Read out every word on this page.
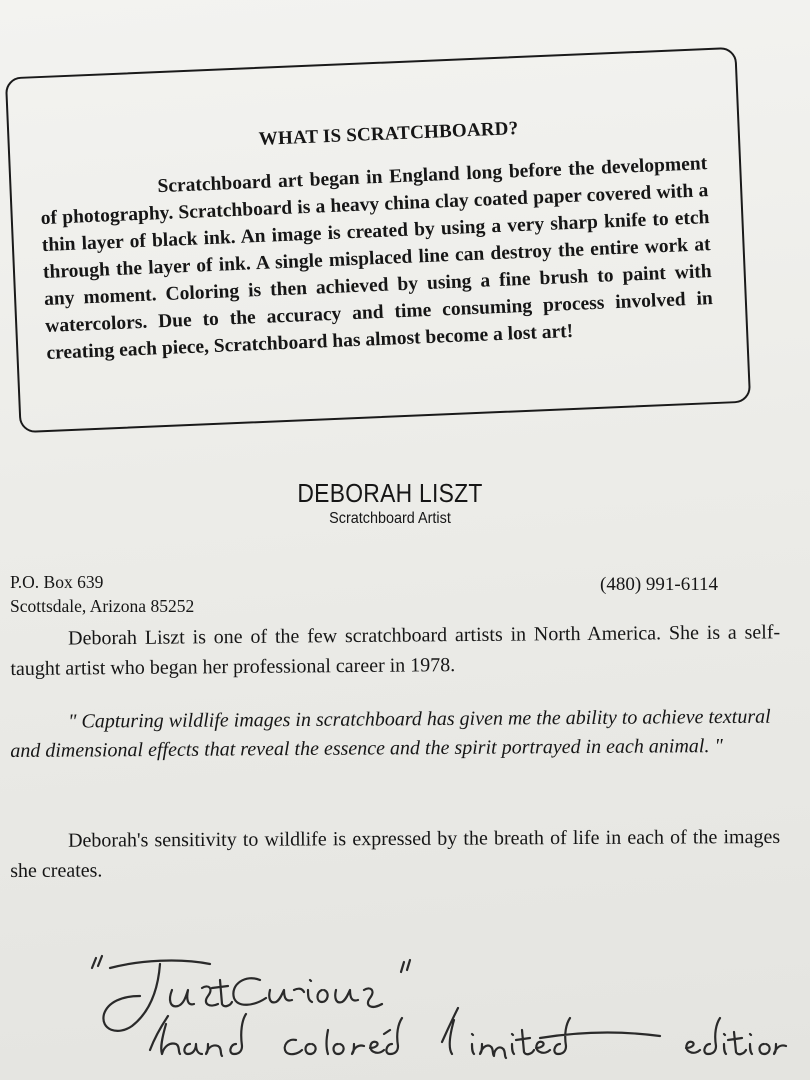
WHAT IS SCRATCHBOARD?
Scratchboard art began in England long before the development of photography. Scratchboard is a heavy china clay coated paper covered with a thin layer of black ink. An image is created by using a very sharp knife to etch through the layer of ink. A single misplaced line can destroy the entire work at any moment. Coloring is then achieved by using a fine brush to paint with watercolors. Due to the accuracy and time consuming process involved in creating each piece, Scratchboard has almost become a lost art!
DEBORAH LISZT
Scratchboard Artist
P.O. Box 639
Scottsdale, Arizona 85252
(480) 991-6114
Deborah Liszt is one of the few scratchboard artists in North America. She is a self-taught artist who began her professional career in 1978.
" Capturing wildlife images in scratchboard has given me the ability to achieve textural and dimensional effects that reveal the essence and the spirit portrayed in each animal. "
Deborah's sensitivity to wildlife is expressed by the breath of life in each of the images she creates.
